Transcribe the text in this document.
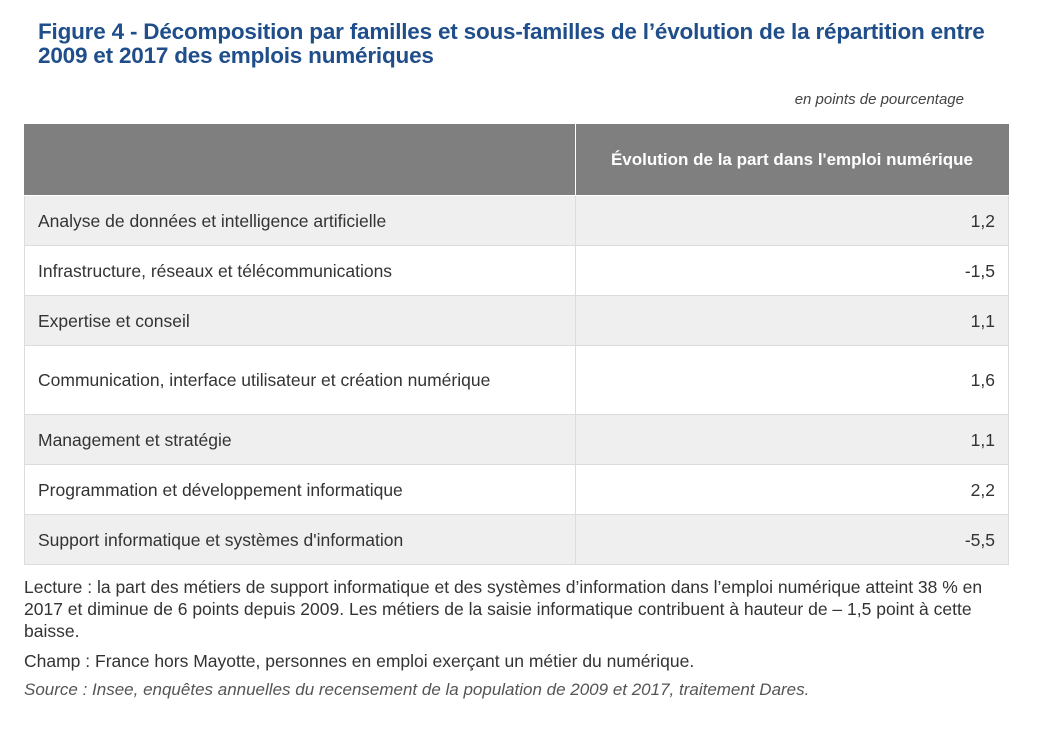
Figure 4 - Décomposition par familles et sous-familles de l’évolution de la répartition entre 2009 et 2017 des emplois numériques
en points de pourcentage
	Évolution de la part dans l'emploi numérique
Analyse de données et intelligence artificielle	1,2
Infrastructure, réseaux et télécommunications	-1,5
Expertise et conseil	1,1
Communication, interface utilisateur et création numérique	1,6
Management et stratégie	1,1
Programmation et développement informatique	2,2
Support informatique et systèmes d'information	-5,5

Lecture : la part des métiers de support informatique et des systèmes d’information dans l’emploi numérique atteint 38 % en 2017 et diminue de 6 points depuis 2009. Les métiers de la saisie informatique contribuent à hauteur de – 1,5 point à cette baisse.

Champ : France hors Mayotte, personnes en emploi exerçant un métier du numérique.

Source : Insee, enquêtes annuelles du recensement de la population de 2009 et 2017, traitement Dares.
